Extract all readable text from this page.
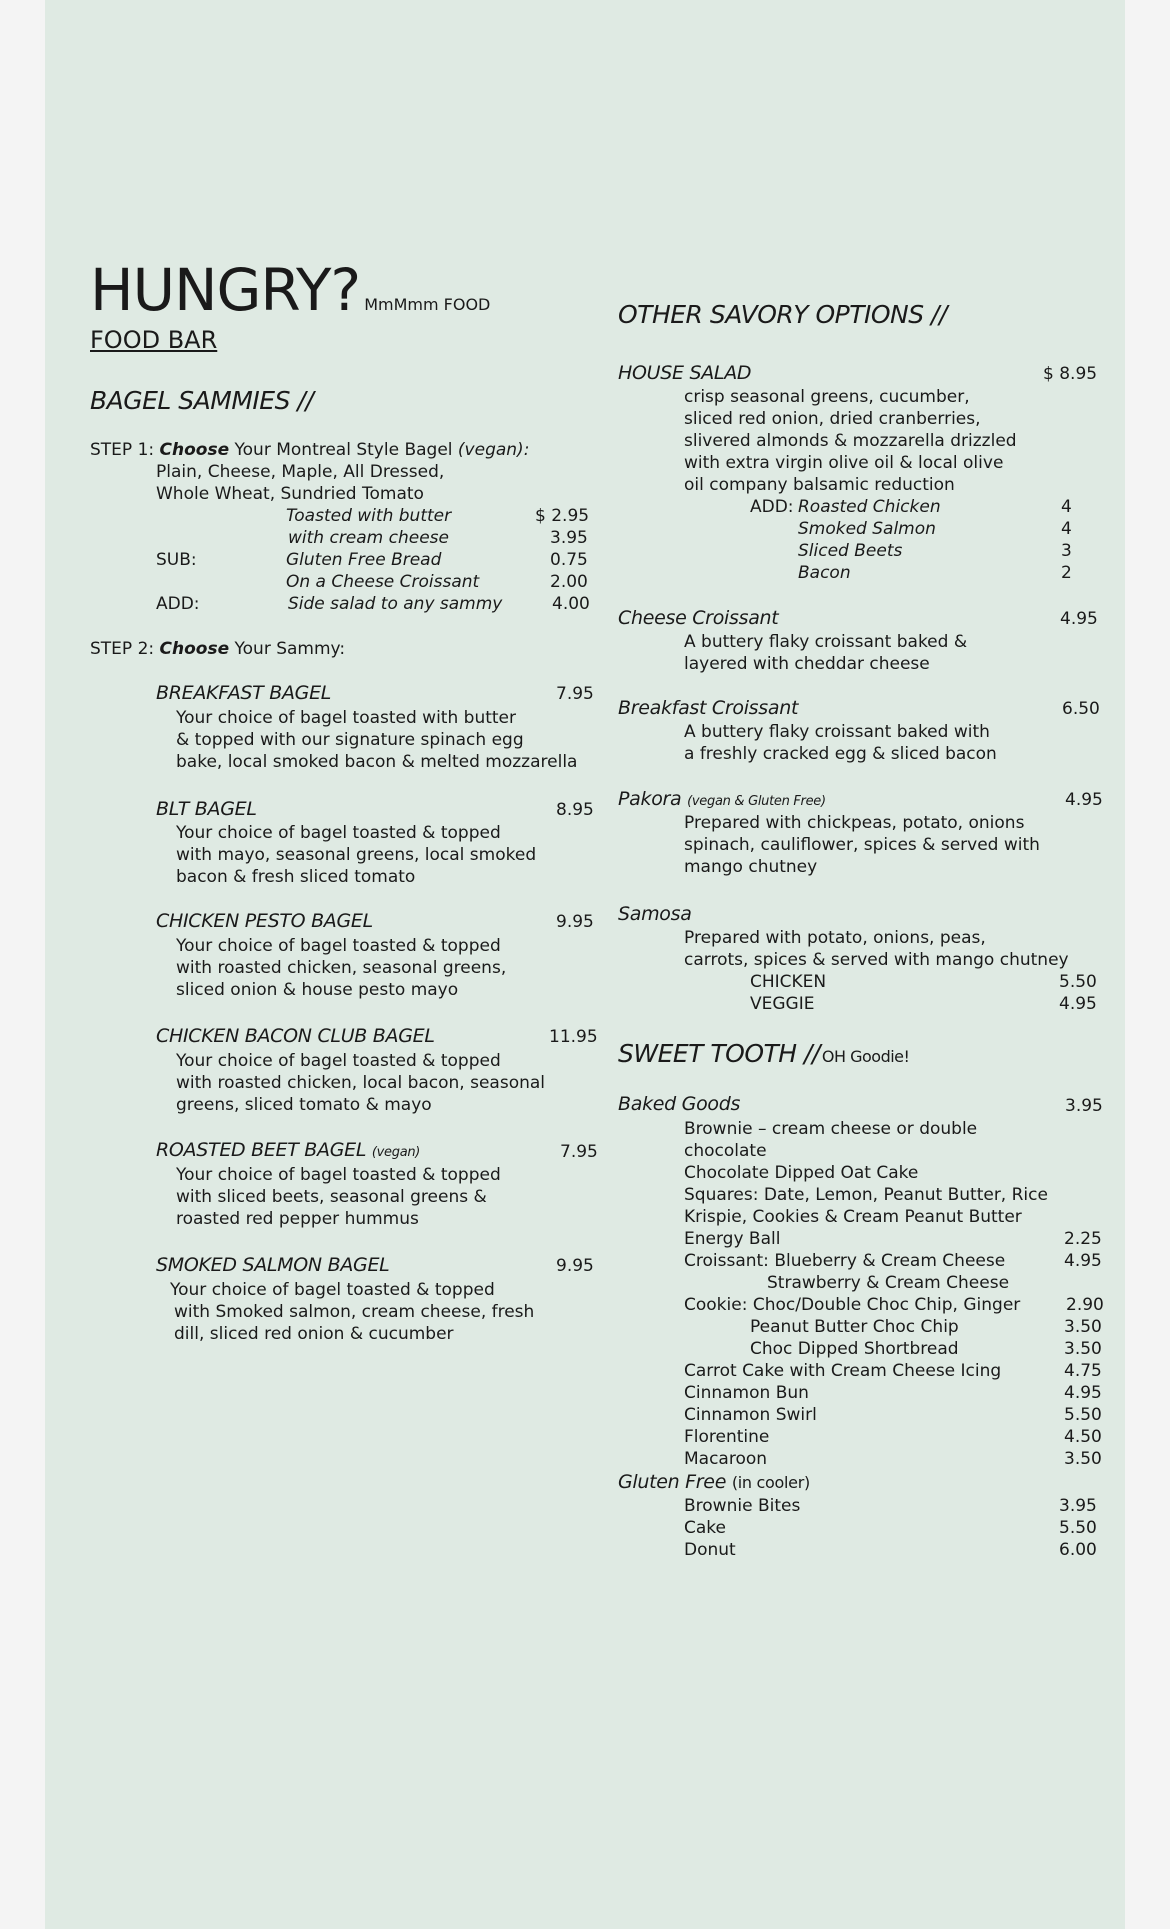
HUNGRY? MmMmm FOOD
FOOD BAR
BAGEL SAMMIES //
STEP 1: Choose Your Montreal Style Bagel (vegan):
Plain, Cheese, Maple, All Dressed,
Whole Wheat, Sundried Tomato
Toasted with butter	$ 2.95
with cream cheese	3.95
SUB:	Gluten Free Bread	0.75
On a Cheese Croissant	2.00
ADD:	Side salad to any sammy	4.00
STEP 2: Choose Your Sammy:
BREAKFAST BAGEL	7.95
Your choice of bagel toasted with butter
& topped with our signature spinach egg
bake, local smoked bacon & melted mozzarella
BLT BAGEL	8.95
Your choice of bagel toasted & topped
with mayo, seasonal greens, local smoked
bacon & fresh sliced tomato
CHICKEN PESTO BAGEL	9.95
Your choice of bagel toasted & topped
with roasted chicken, seasonal greens,
sliced onion & house pesto mayo
CHICKEN BACON CLUB BAGEL	11.95
Your choice of bagel toasted & topped
with roasted chicken, local bacon, seasonal
greens, sliced tomato & mayo
ROASTED BEET BAGEL (vegan)	7.95
Your choice of bagel toasted & topped
with sliced beets, seasonal greens &
roasted red pepper hummus
SMOKED SALMON BAGEL	9.95
Your choice of bagel toasted & topped
with Smoked salmon, cream cheese, fresh
dill, sliced red onion & cucumber
OTHER SAVORY OPTIONS //
HOUSE SALAD	$ 8.95
crisp seasonal greens, cucumber,
sliced red onion, dried cranberries,
slivered almonds & mozzarella drizzled
with extra virgin olive oil & local olive
oil company balsamic reduction
ADD: Roasted Chicken	4
Smoked Salmon	4
Sliced Beets	3
Bacon	2
Cheese Croissant	4.95
A buttery flaky croissant baked &
layered with cheddar cheese
Breakfast Croissant	6.50
A buttery flaky croissant baked with
a freshly cracked egg & sliced bacon
Pakora (vegan & Gluten Free)	4.95
Prepared with chickpeas, potato, onions
spinach, cauliflower, spices & served with
mango chutney
Samosa
Prepared with potato, onions, peas,
carrots, spices & served with mango chutney
CHICKEN	5.50
VEGGIE	4.95
SWEET TOOTH // OH Goodie!
Baked Goods	3.95
Brownie – cream cheese or double
chocolate
Chocolate Dipped Oat Cake
Squares: Date, Lemon, Peanut Butter, Rice
Krispie, Cookies & Cream Peanut Butter
Energy Ball	2.25
Croissant: Blueberry & Cream Cheese	4.95
Strawberry & Cream Cheese
Cookie: Choc/Double Choc Chip, Ginger	2.90
Peanut Butter Choc Chip	3.50
Choc Dipped Shortbread	3.50
Carrot Cake with Cream Cheese Icing	4.75
Cinnamon Bun	4.95
Cinnamon Swirl	5.50
Florentine	4.50
Macaroon	3.50
Gluten Free (in cooler)
Brownie Bites	3.95
Cake	5.50
Donut	6.00
